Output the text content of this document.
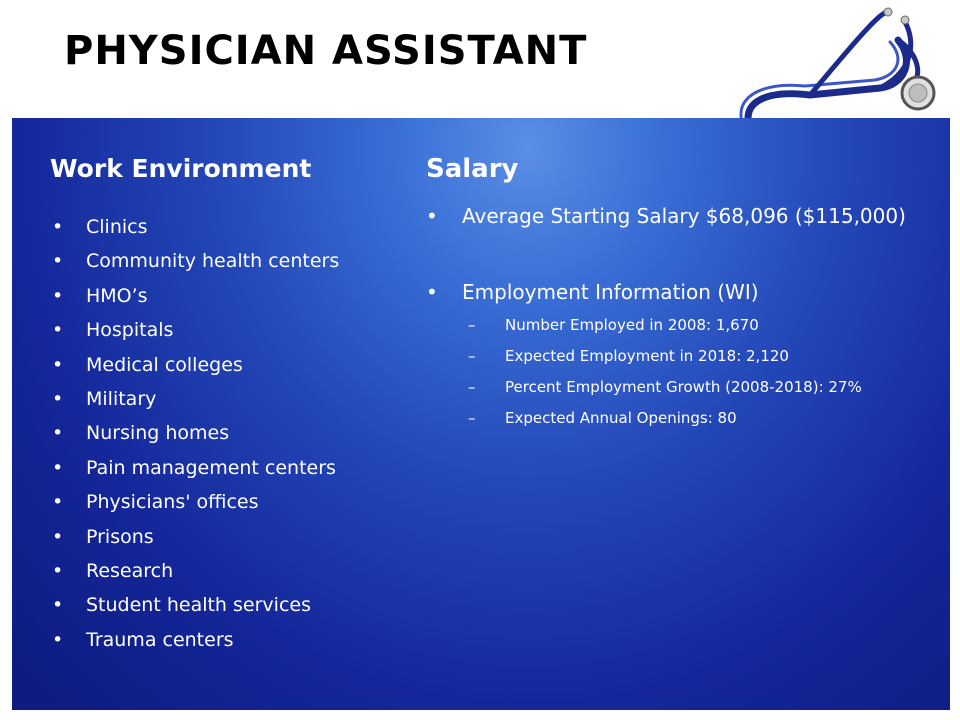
PHYSICIAN ASSISTANT
Work Environment
•	Clinics
•	Community health centers
•	HMO’s
•	Hospitals
•	Medical colleges
•	Military
•	Nursing homes
•	Pain management centers
•	Physicians' offices
•	Prisons
•	Research
•	Student health services
•	Trauma centers
Salary
• Average Starting Salary $68,096 ($115,000)
• Employment Information (WI)
–	Number Employed in 2008: 1,670
–	Expected Employment in 2018: 2,120
–	Percent Employment Growth (2008-2018): 27%
–	Expected Annual Openings: 80
